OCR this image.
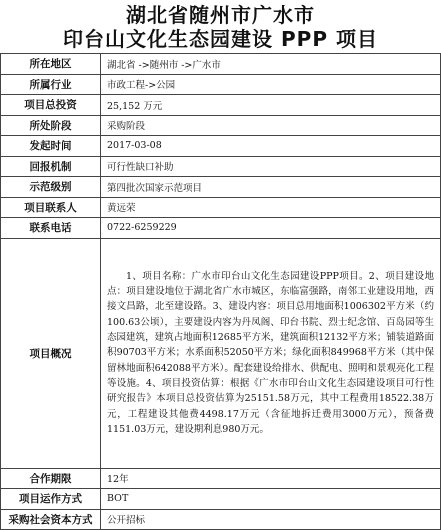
湖北省随州市广水市
印台山文化生态园建设 PPP 项目
所在地区	湖北省 ->随州市 ->广水市
所属行业	市政工程->公园
项目总投资	25,152 万元
所处阶段	采购阶段
发起时间	2017-03-08
回报机制	可行性缺口补助
示范级别	第四批次国家示范项目
项目联系人	黄远荣
联系电话	0722-6259229
项目概况	1、项目名称：广水市印台山文化生态园建设PPP项目。2、项目建设地点：项目建设地位于湖北省广水市城区，东临富强路，南邻工业建设用地，西接文昌路，北至建设路。3、建设内容：项目总用地面积1006302平方米（约100.63公顷），主要建设内容为丹凤阁、印台书院、烈士纪念馆、百岛园等生态园建筑，建筑占地面积12685平方米，建筑面积12132平方米；铺装道路面积90703平方米；水系面积52050平方米；绿化面积849968平方米（其中保留林地面积642088平方米）。配套建设给排水、供配电、照明和景观亮化工程等设施。4、项目投资估算：根据《广水市印台山文化生态园建设项目可行性研究报告》本项目总投资估算为25151.58万元，其中工程费用18522.38万元，工程建设其他费4498.17万元（含征地拆迁费用3000万元），预备费1151.03万元，建设期利息980万元。
合作期限	12年
项目运作方式	BOT
采购社会资本方式	公开招标
